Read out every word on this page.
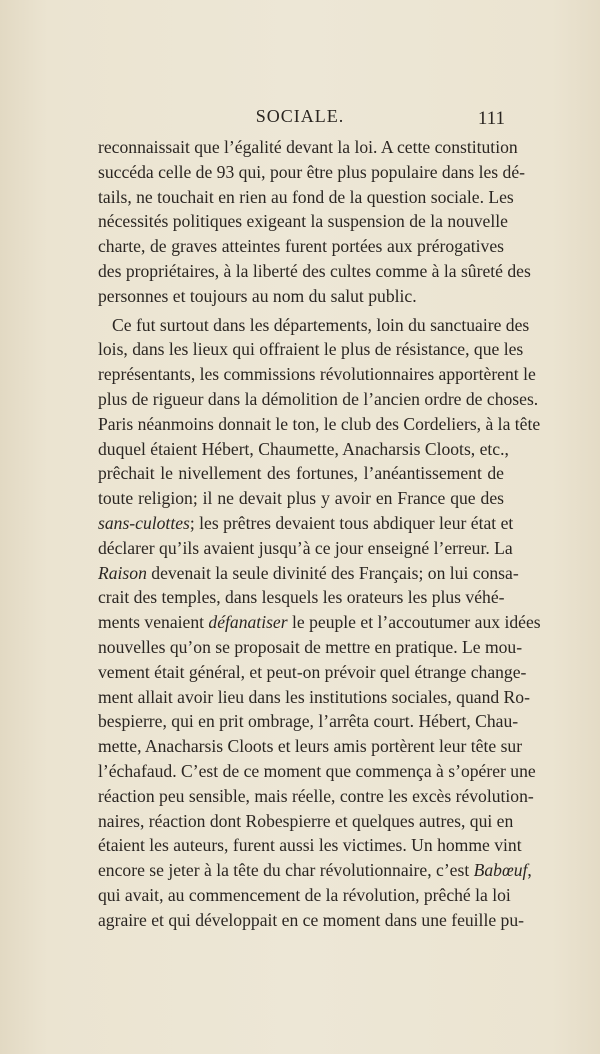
SOCIALE.	111
reconnaissait que l’égalité devant la loi. A cette constitution
succéda celle de 93 qui, pour être plus populaire dans les dé-
tails, ne touchait en rien au fond de la question sociale. Les
nécessités politiques exigeant la suspension de la nouvelle
charte, de graves atteintes furent portées aux prérogatives
des propriétaires, à la liberté des cultes comme à la sûreté des
personnes et toujours au nom du salut public.
Ce fut surtout dans les départements, loin du sanctuaire des
lois, dans les lieux qui offraient le plus de résistance, que les
représentants, les commissions révolutionnaires apportèrent le
plus de rigueur dans la démolition de l’ancien ordre de choses.
Paris néanmoins donnait le ton, le club des Cordeliers, à la tête
duquel étaient Hébert, Chaumette, Anacharsis Cloots, etc.,
prêchait le nivellement des fortunes, l’anéantissement de
toute religion; il ne devait plus y avoir en France que des
sans-culottes; les prêtres devaient tous abdiquer leur état et
déclarer qu’ils avaient jusqu’à ce jour enseigné l’erreur. La
Raison devenait la seule divinité des Français; on lui consa-
crait des temples, dans lesquels les orateurs les plus véhé-
ments venaient défanatiser le peuple et l’accoutumer aux idées
nouvelles qu’on se proposait de mettre en pratique. Le mou-
vement était général, et peut-on prévoir quel étrange change-
ment allait avoir lieu dans les institutions sociales, quand Ro-
bespierre, qui en prit ombrage, l’arrêta court. Hébert, Chau-
mette, Anacharsis Cloots et leurs amis portèrent leur tête sur
l’échafaud. C’est de ce moment que commença à s’opérer une
réaction peu sensible, mais réelle, contre les excès révolution-
naires, réaction dont Robespierre et quelques autres, qui en
étaient les auteurs, furent aussi les victimes. Un homme vint
encore se jeter à la tête du char révolutionnaire, c’est Babœuf,
qui avait, au commencement de la révolution, prêché la loi
agraire et qui développait en ce moment dans une feuille pu-
